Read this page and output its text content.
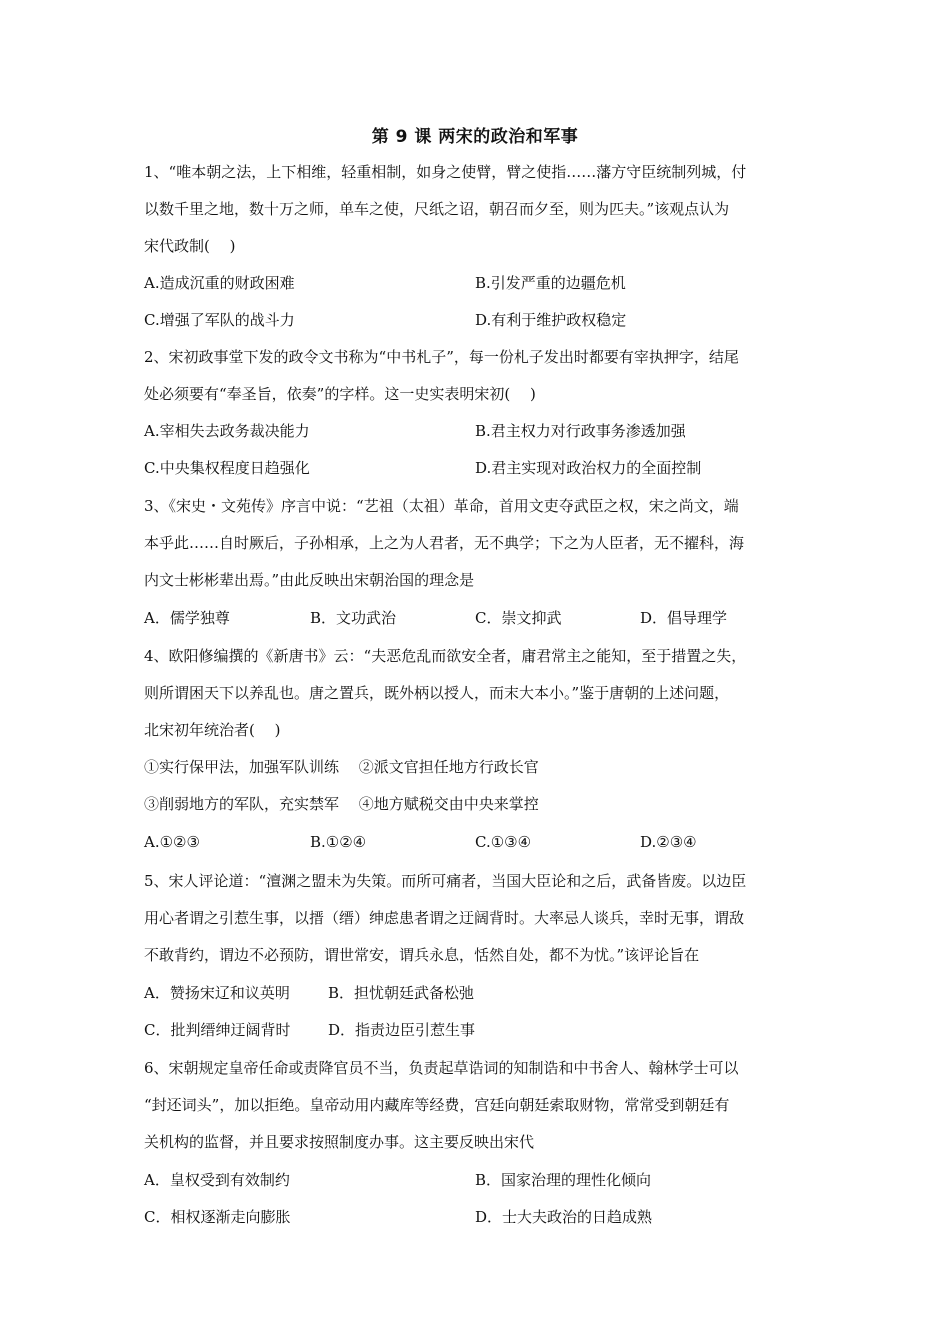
第 9 课 两宋的政治和军事
1、“唯本朝之法，上下相维，轻重相制，如身之使臂，臂之使指……藩方守臣统制列城，付
以数千里之地，数十万之师，单车之使，尺纸之诏，朝召而夕至，则为匹夫。”该观点认为
宋代政制(　 )
A.造成沉重的财政困难	B.引发严重的边疆危机
C.增强了军队的战斗力	D.有利于维护政权稳定
2、宋初政事堂下发的政令文书称为“中书札子”，每一份札子发出时都要有宰执押字，结尾
处必须要有“奉圣旨，依奏”的字样。这一史实表明宋初(　 )
A.宰相失去政务裁决能力	B.君主权力对行政事务渗透加强
C.中央集权程度日趋强化	D.君主实现对政治权力的全面控制
3、《宋史・文苑传》序言中说：“艺祖（太祖）革命，首用文吏夺武臣之权，宋之尚文，端
本乎此……自时厥后，子孙相承，上之为人君者，无不典学；下之为人臣者，无不擢科，海
内文士彬彬辈出焉。”由此反映出宋朝治国的理念是
A．儒学独尊	B．文功武治	C．崇文抑武	D．倡导理学
4、欧阳修编撰的《新唐书》云：“夫恶危乱而欲安全者，庸君常主之能知，至于措置之失，
则所谓困天下以养乱也。唐之置兵，既外柄以授人，而末大本小。”鉴于唐朝的上述问题，
北宋初年统治者(　 )
①实行保甲法，加强军队训练　 ②派文官担任地方行政长官
③削弱地方的军队，充实禁军　 ④地方赋税交由中央来掌控
A.①②③	B.①②④	C.①③④	D.②③④
5、宋人评论道：“澶渊之盟未为失策。而所可痛者，当国大臣论和之后，武备皆废。以边臣
用心者谓之引惹生事，以搢（缙）绅虑患者谓之迂阔背时。大率忌人谈兵，幸时无事，谓敌
不敢背约，谓边不必预防，谓世常安，谓兵永息，恬然自处，都不为忧。”该评论旨在
A．赞扬宋辽和议英明	B．担忧朝廷武备松弛
C．批判缙绅迂阔背时	D．指责边臣引惹生事
6、宋朝规定皇帝任命或责降官员不当，负责起草诰词的知制诰和中书舍人、翰林学士可以
“封还词头”，加以拒绝。皇帝动用内藏库等经费，宫廷向朝廷索取财物，常常受到朝廷有
关机构的监督，并且要求按照制度办事。这主要反映出宋代
A．皇权受到有效制约	B．国家治理的理性化倾向
C．相权逐渐走向膨胀	D．士大夫政治的日趋成熟
